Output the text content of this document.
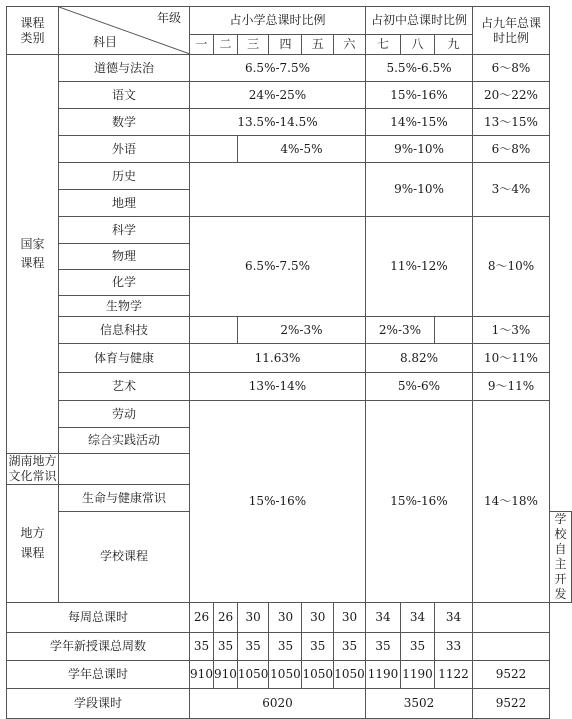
课程类别	年级
科目	占小学总课时比例						占初中总课时比例			占九年总课时比例	
		一	二	三	四	五	六	七	八	九		
国家课程	道德与法治	6.5%-7.5%						5.5%-6.5%			6～8%	
	语文	24%-25%						15%-16%			20～22%	
	数学	13.5%-14.5%						14%-15%			13～15%	
	外语			4%-5%				9%-10%			6～8%	
	历史							9%-10%			3～4%	
	地理											
	科学	6.5%-7.5%						11%-12%			8～10%	
	物理											
	化学											
	生物学											
	信息科技			2%-3%				2%-3%			1～3%	
	体育与健康	11.63%						8.82%			10～11%	
	艺术	13%-14%						5%-6%			9～11%	
	劳动	15%-16%						15%-16%			14～18%	
	综合实践活动											
湖南地方文化常识												
地方课程	生命与健康常识											
	学校课程											学校自主开发
每周总课时		26	26	30	30	30	30	34	34	34		
学年新授课总周数		35	35	35	35	35	35	35	35	33		
学年总课时		910	910	1050	1050	1050	1050	1190	1190	1122	9522	
学段课时		6020						3502			9522	
